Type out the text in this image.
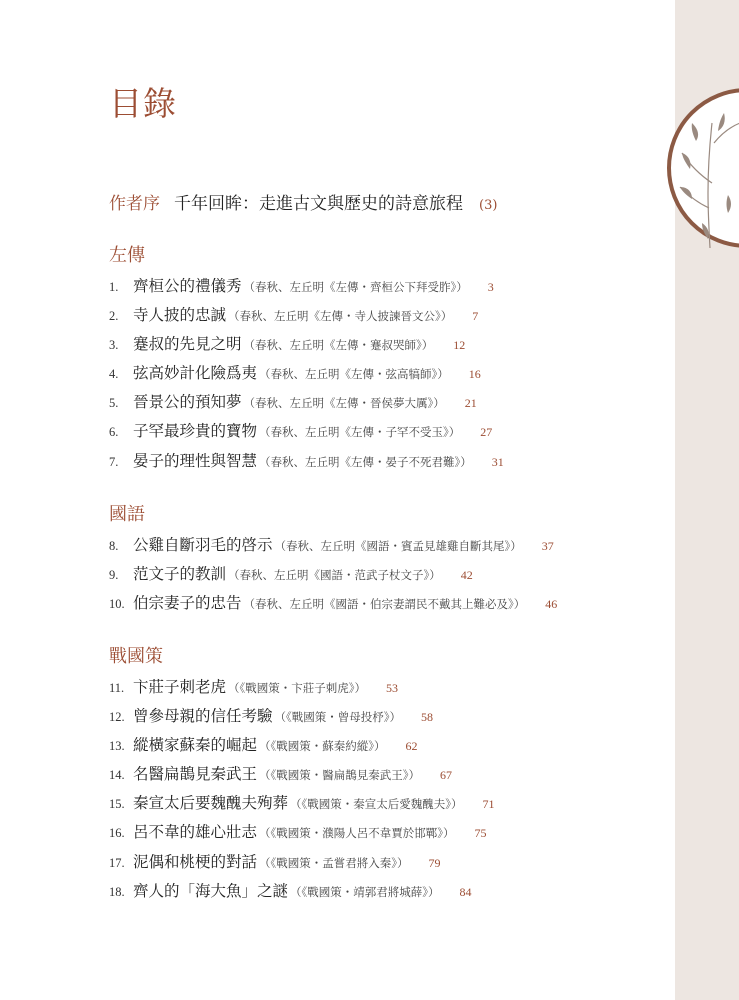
目錄
作者序 千年回眸：走進古文與歷史的詩意旅程 (3)
左傳
1. 齊桓公的禮儀秀 （春秋、左丘明《左傳・齊桓公下拜受胙》） 3
2. 寺人披的忠誠 （春秋、左丘明《左傳・寺人披諫晉文公》） 7
3. 蹇叔的先見之明 （春秋、左丘明《左傳・蹇叔哭師》） 12
4. 弦高妙計化險爲夷 （春秋、左丘明《左傳・弦高犒師》） 16
5. 晉景公的預知夢 （春秋、左丘明《左傳・晉侯夢大厲》） 21
6. 子罕最珍貴的寶物 （春秋、左丘明《左傳・子罕不受玉》） 27
7. 晏子的理性與智慧 （春秋、左丘明《左傳・晏子不死君難》） 31
國語
8. 公雞自斷羽毛的啓示 （春秋、左丘明《國語・賓孟見雄雞自斷其尾》） 37
9. 范文子的教訓 （春秋、左丘明《國語・范武子杖文子》） 42
10. 伯宗妻子的忠告 （春秋、左丘明《國語・伯宗妻謂民不戴其上難必及》） 46
戰國策
11. 卞莊子刺老虎 （《戰國策・卞莊子刺虎》） 53
12. 曾參母親的信任考驗 （《戰國策・曾母投杼》） 58
13. 縱橫家蘇秦的崛起 （《戰國策・蘇秦約縱》） 62
14. 名醫扁鵲見秦武王 （《戰國策・醫扁鵲見秦武王》） 67
15. 秦宣太后要魏醜夫殉葬 （《戰國策・秦宣太后愛魏醜夫》） 71
16. 呂不韋的雄心壯志 （《戰國策・濮陽人呂不韋賈於邯鄲》） 75
17. 泥偶和桃梗的對話 （《戰國策・孟嘗君將入秦》） 79
18. 齊人的「海大魚」之謎 （《戰國策・靖郭君將城薛》） 84
